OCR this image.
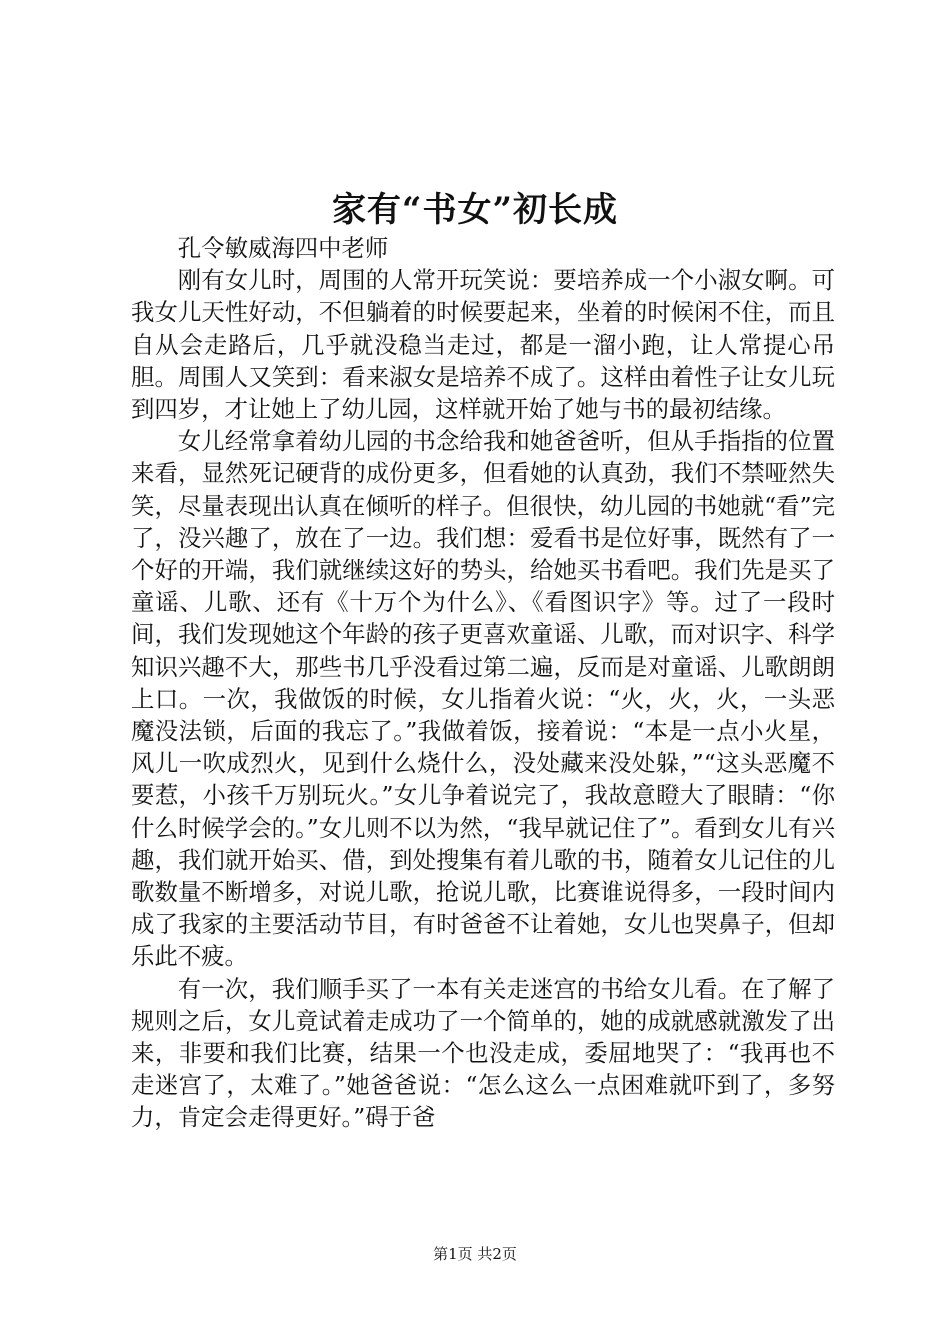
家有“书女”初长成
孔令敏威海四中老师

刚有女儿时，周围的人常开玩笑说：要培养成一个小淑女啊。可我女儿天性好动，不但躺着的时候要起来，坐着的时候闲不住，而且自从会走路后，几乎就没稳当走过，都是一溜小跑，让人常提心吊胆。周围人又笑到：看来淑女是培养不成了。这样由着性子让女儿玩到四岁，才让她上了幼儿园，这样就开始了她与书的最初结缘。

女儿经常拿着幼儿园的书念给我和她爸爸听，但从手指指的位置来看，显然死记硬背的成份更多，但看她的认真劲，我们不禁哑然失笑，尽量表现出认真在倾听的样子。但很快，幼儿园的书她就“看”完了，没兴趣了，放在了一边。我们想：爱看书是位好事，既然有了一个好的开端，我们就继续这好的势头，给她买书看吧。我们先是买了童谣、儿歌、还有《十万个为什么》、《看图识字》等。过了一段时间，我们发现她这个年龄的孩子更喜欢童谣、儿歌，而对识字、科学知识兴趣不大，那些书几乎没看过第二遍，反而是对童谣、儿歌朗朗上口。一次，我做饭的时候，女儿指着火说：“火，火，火，一头恶魔没法锁，后面的我忘了。”我做着饭，接着说：“本是一点小火星，风儿一吹成烈火，见到什么烧什么，没处藏来没处躲，”“这头恶魔不要惹，小孩千万别玩火。”女儿争着说完了，我故意瞪大了眼睛：“你什么时候学会的。”女儿则不以为然，“我早就记住了”。看到女儿有兴趣，我们就开始买、借，到处搜集有着儿歌的书，随着女儿记住的儿歌数量不断增多，对说儿歌，抢说儿歌，比赛谁说得多，一段时间内成了我家的主要活动节目，有时爸爸不让着她，女儿也哭鼻子，但却乐此不疲。

有一次，我们顺手买了一本有关走迷宫的书给女儿看。在了解了规则之后，女儿竟试着走成功了一个简单的，她的成就感就激发了出来，非要和我们比赛，结果一个也没走成，委屈地哭了：“我再也不走迷宫了，太难了。”她爸爸说：“怎么这么一点困难就吓到了，多努力，肯定会走得更好。”碍于爸

第1页 共2页
